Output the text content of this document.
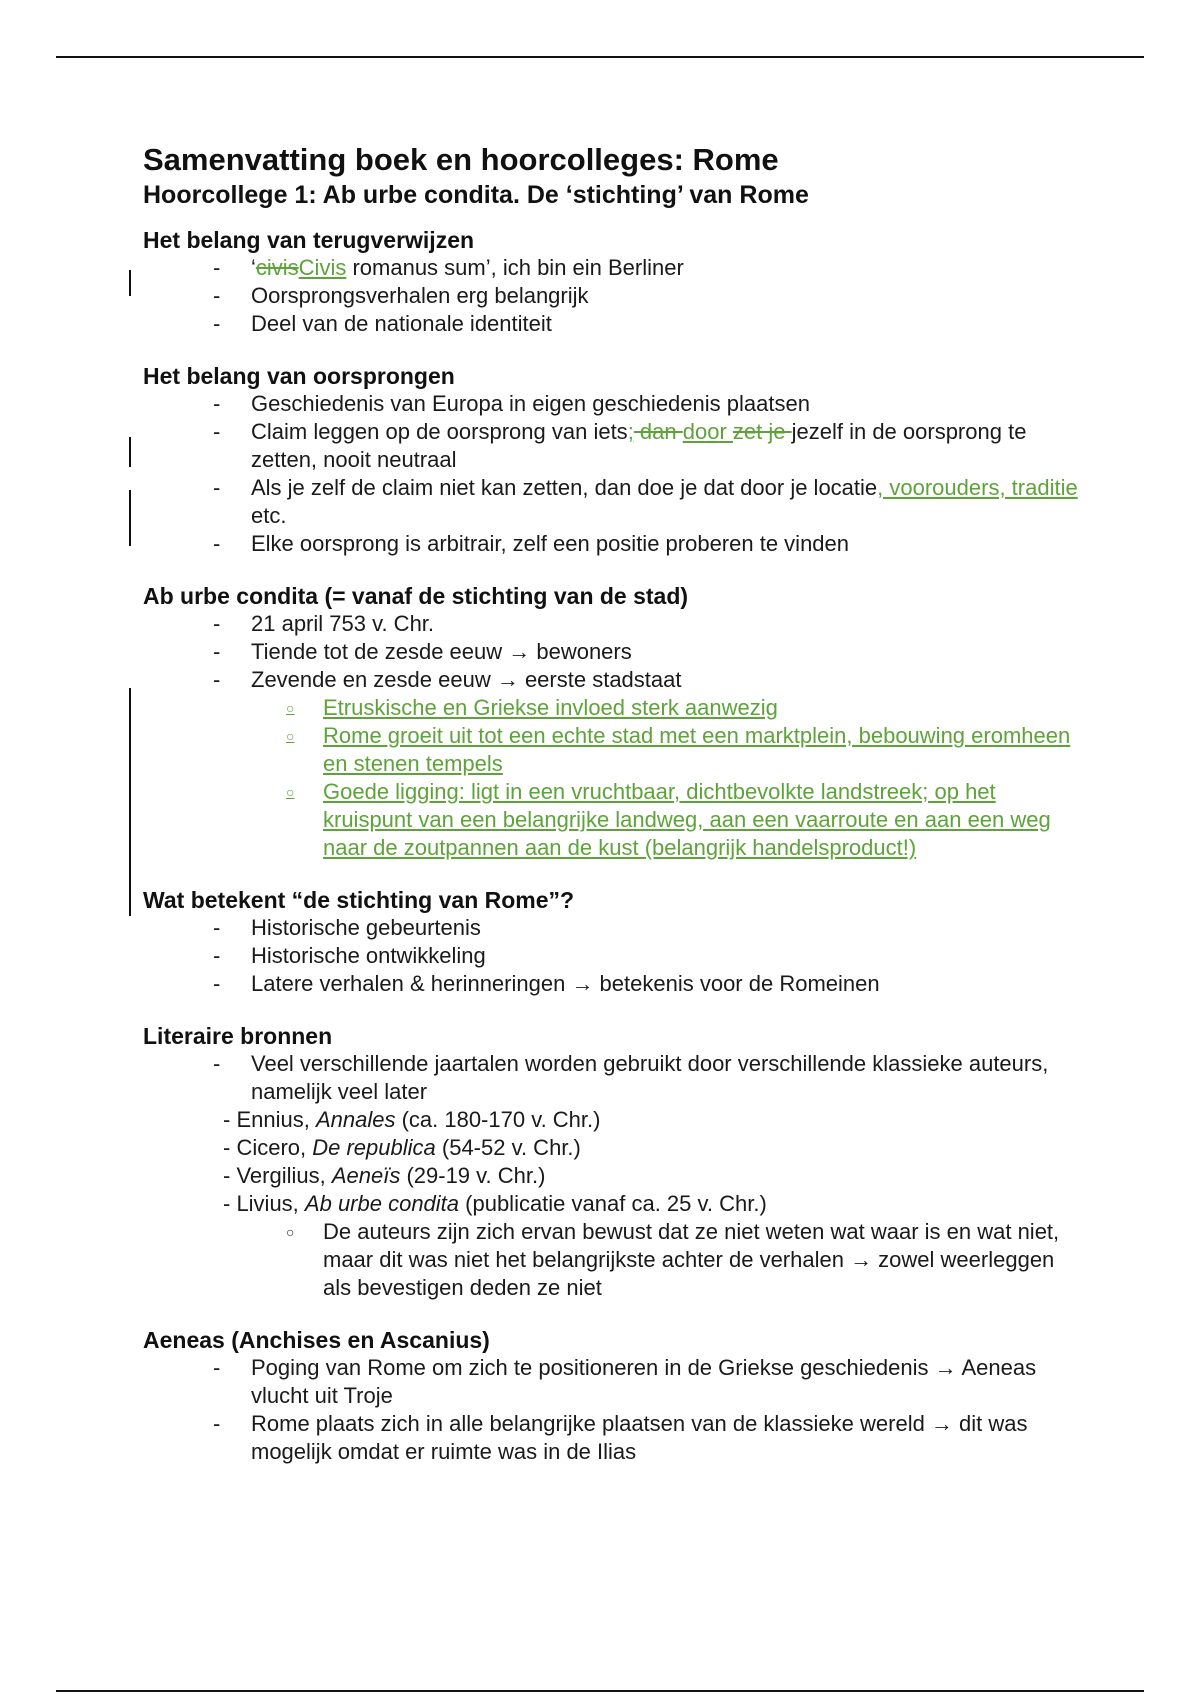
Samenvatting boek en hoorcolleges: Rome
Hoorcollege 1: Ab urbe condita. De ‘stichting’ van Rome
Het belang van terugverwijzen
- ‘civisCivis romanus sum’, ich bin ein Berliner
- Oorsprongsverhalen erg belangrijk
- Deel van de nationale identiteit
Het belang van oorsprongen
- Geschiedenis van Europa in eigen geschiedenis plaatsen
- Claim leggen op de oorsprong van iets; dan door zet je jezelf in de oorsprong te zetten, nooit neutraal
- Als je zelf de claim niet kan zetten, dan doe je dat door je locatie, voorouders, traditie etc.
- Elke oorsprong is arbitrair, zelf een positie proberen te vinden
Ab urbe condita (= vanaf de stichting van de stad)
- 21 april 753 v. Chr.
- Tiende tot de zesde eeuw → bewoners
- Zevende en zesde eeuw → eerste stadstaat
○ Etruskische en Griekse invloed sterk aanwezig
○ Rome groeit uit tot een echte stad met een marktplein, bebouwing eromheen en stenen tempels
○ Goede ligging: ligt in een vruchtbaar, dichtbevolkte landstreek; op het kruispunt van een belangrijke landweg, aan een vaarroute en aan een weg naar de zoutpannen aan de kust (belangrijk handelsproduct!)
Wat betekent “de stichting van Rome”?
- Historische gebeurtenis
- Historische ontwikkeling
- Latere verhalen & herinneringen → betekenis voor de Romeinen
Literaire bronnen
- Veel verschillende jaartalen worden gebruikt door verschillende klassieke auteurs, namelijk veel later
- Ennius, Annales (ca. 180-170 v. Chr.)
- Cicero, De republica (54-52 v. Chr.)
- Vergilius, Aeneïs (29-19 v. Chr.)
- Livius, Ab urbe condita (publicatie vanaf ca. 25 v. Chr.)
○ De auteurs zijn zich ervan bewust dat ze niet weten wat waar is en wat niet, maar dit was niet het belangrijkste achter de verhalen → zowel weerleggen als bevestigen deden ze niet
Aeneas (Anchises en Ascanius)
- Poging van Rome om zich te positioneren in de Griekse geschiedenis → Aeneas vlucht uit Troje
- Rome plaats zich in alle belangrijke plaatsen van de klassieke wereld → dit was mogelijk omdat er ruimte was in de Ilias
